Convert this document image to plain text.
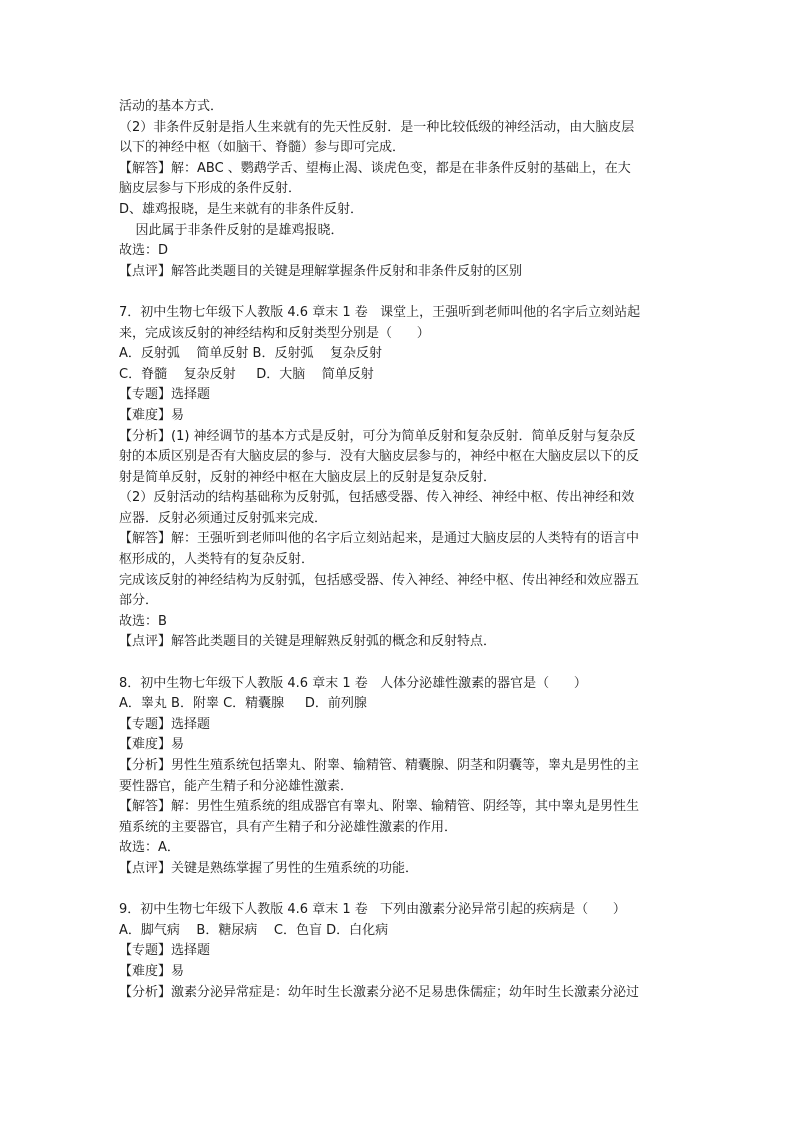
活动的基本方式．
（2）非条件反射是指人生来就有的先天性反射．是一种比较低级的神经活动，由大脑皮层
以下的神经中枢（如脑干、脊髓）参与即可完成．
【解答】解：ABC 、鹦鹉学舌、望梅止渴、谈虎色变，都是在非条件反射的基础上，在大
脑皮层参与下形成的条件反射．
D、雄鸡报晓，是生来就有的非条件反射．
因此属于非条件反射的是雄鸡报晓．
故选：D
【点评】解答此类题目的关键是理解掌握条件反射和非条件反射的区别
7．初中生物七年级下人教版 4.6 章末 1 卷   课堂上，王强听到老师叫他的名字后立刻站起
来，完成该反射的神经结构和反射类型分别是（      ）
A．反射弧    简单反射 B．反射弧    复杂反射
C．脊髓    复杂反射     D．大脑    简单反射
【专题】选择题
【难度】易
【分析】(1) 神经调节的基本方式是反射，可分为简单反射和复杂反射．简单反射与复杂反
射的本质区别是否有大脑皮层的参与．没有大脑皮层参与的，神经中枢在大脑皮层以下的反
射是简单反射，反射的神经中枢在大脑皮层上的反射是复杂反射．
（2）反射活动的结构基础称为反射弧，包括感受器、传入神经、神经中枢、传出神经和效
应器．反射必须通过反射弧来完成．
【解答】解：王强听到老师叫他的名字后立刻站起来，是通过大脑皮层的人类特有的语言中
枢形成的，人类特有的复杂反射．
完成该反射的神经结构为反射弧，包括感受器、传入神经、神经中枢、传出神经和效应器五
部分．
故选：B
【点评】解答此类题目的关键是理解熟反射弧的概念和反射特点．
8．初中生物七年级下人教版 4.6 章末 1 卷   人体分泌雄性激素的器官是（      ）
A．睾丸 B．附睾 C．精囊腺     D．前列腺
【专题】选择题
【难度】易
【分析】男性生殖系统包括睾丸、附睾、输精管、精囊腺、阴茎和阴囊等，睾丸是男性的主
要性器官，能产生精子和分泌雄性激素．
【解答】解：男性生殖系统的组成器官有睾丸、附睾、输精管、阴经等，其中睾丸是男性生
殖系统的主要器官，具有产生精子和分泌雄性激素的作用．
故选：A．
【点评】关键是熟练掌握了男性的生殖系统的功能．
9．初中生物七年级下人教版 4.6 章末 1 卷   下列由激素分泌异常引起的疾病是（      ）
A．脚气病    B．糖尿病    C．色盲 D．白化病
【专题】选择题
【难度】易
【分析】激素分泌异常症是：幼年时生长激素分泌不足易患侏儒症；幼年时生长激素分泌过
